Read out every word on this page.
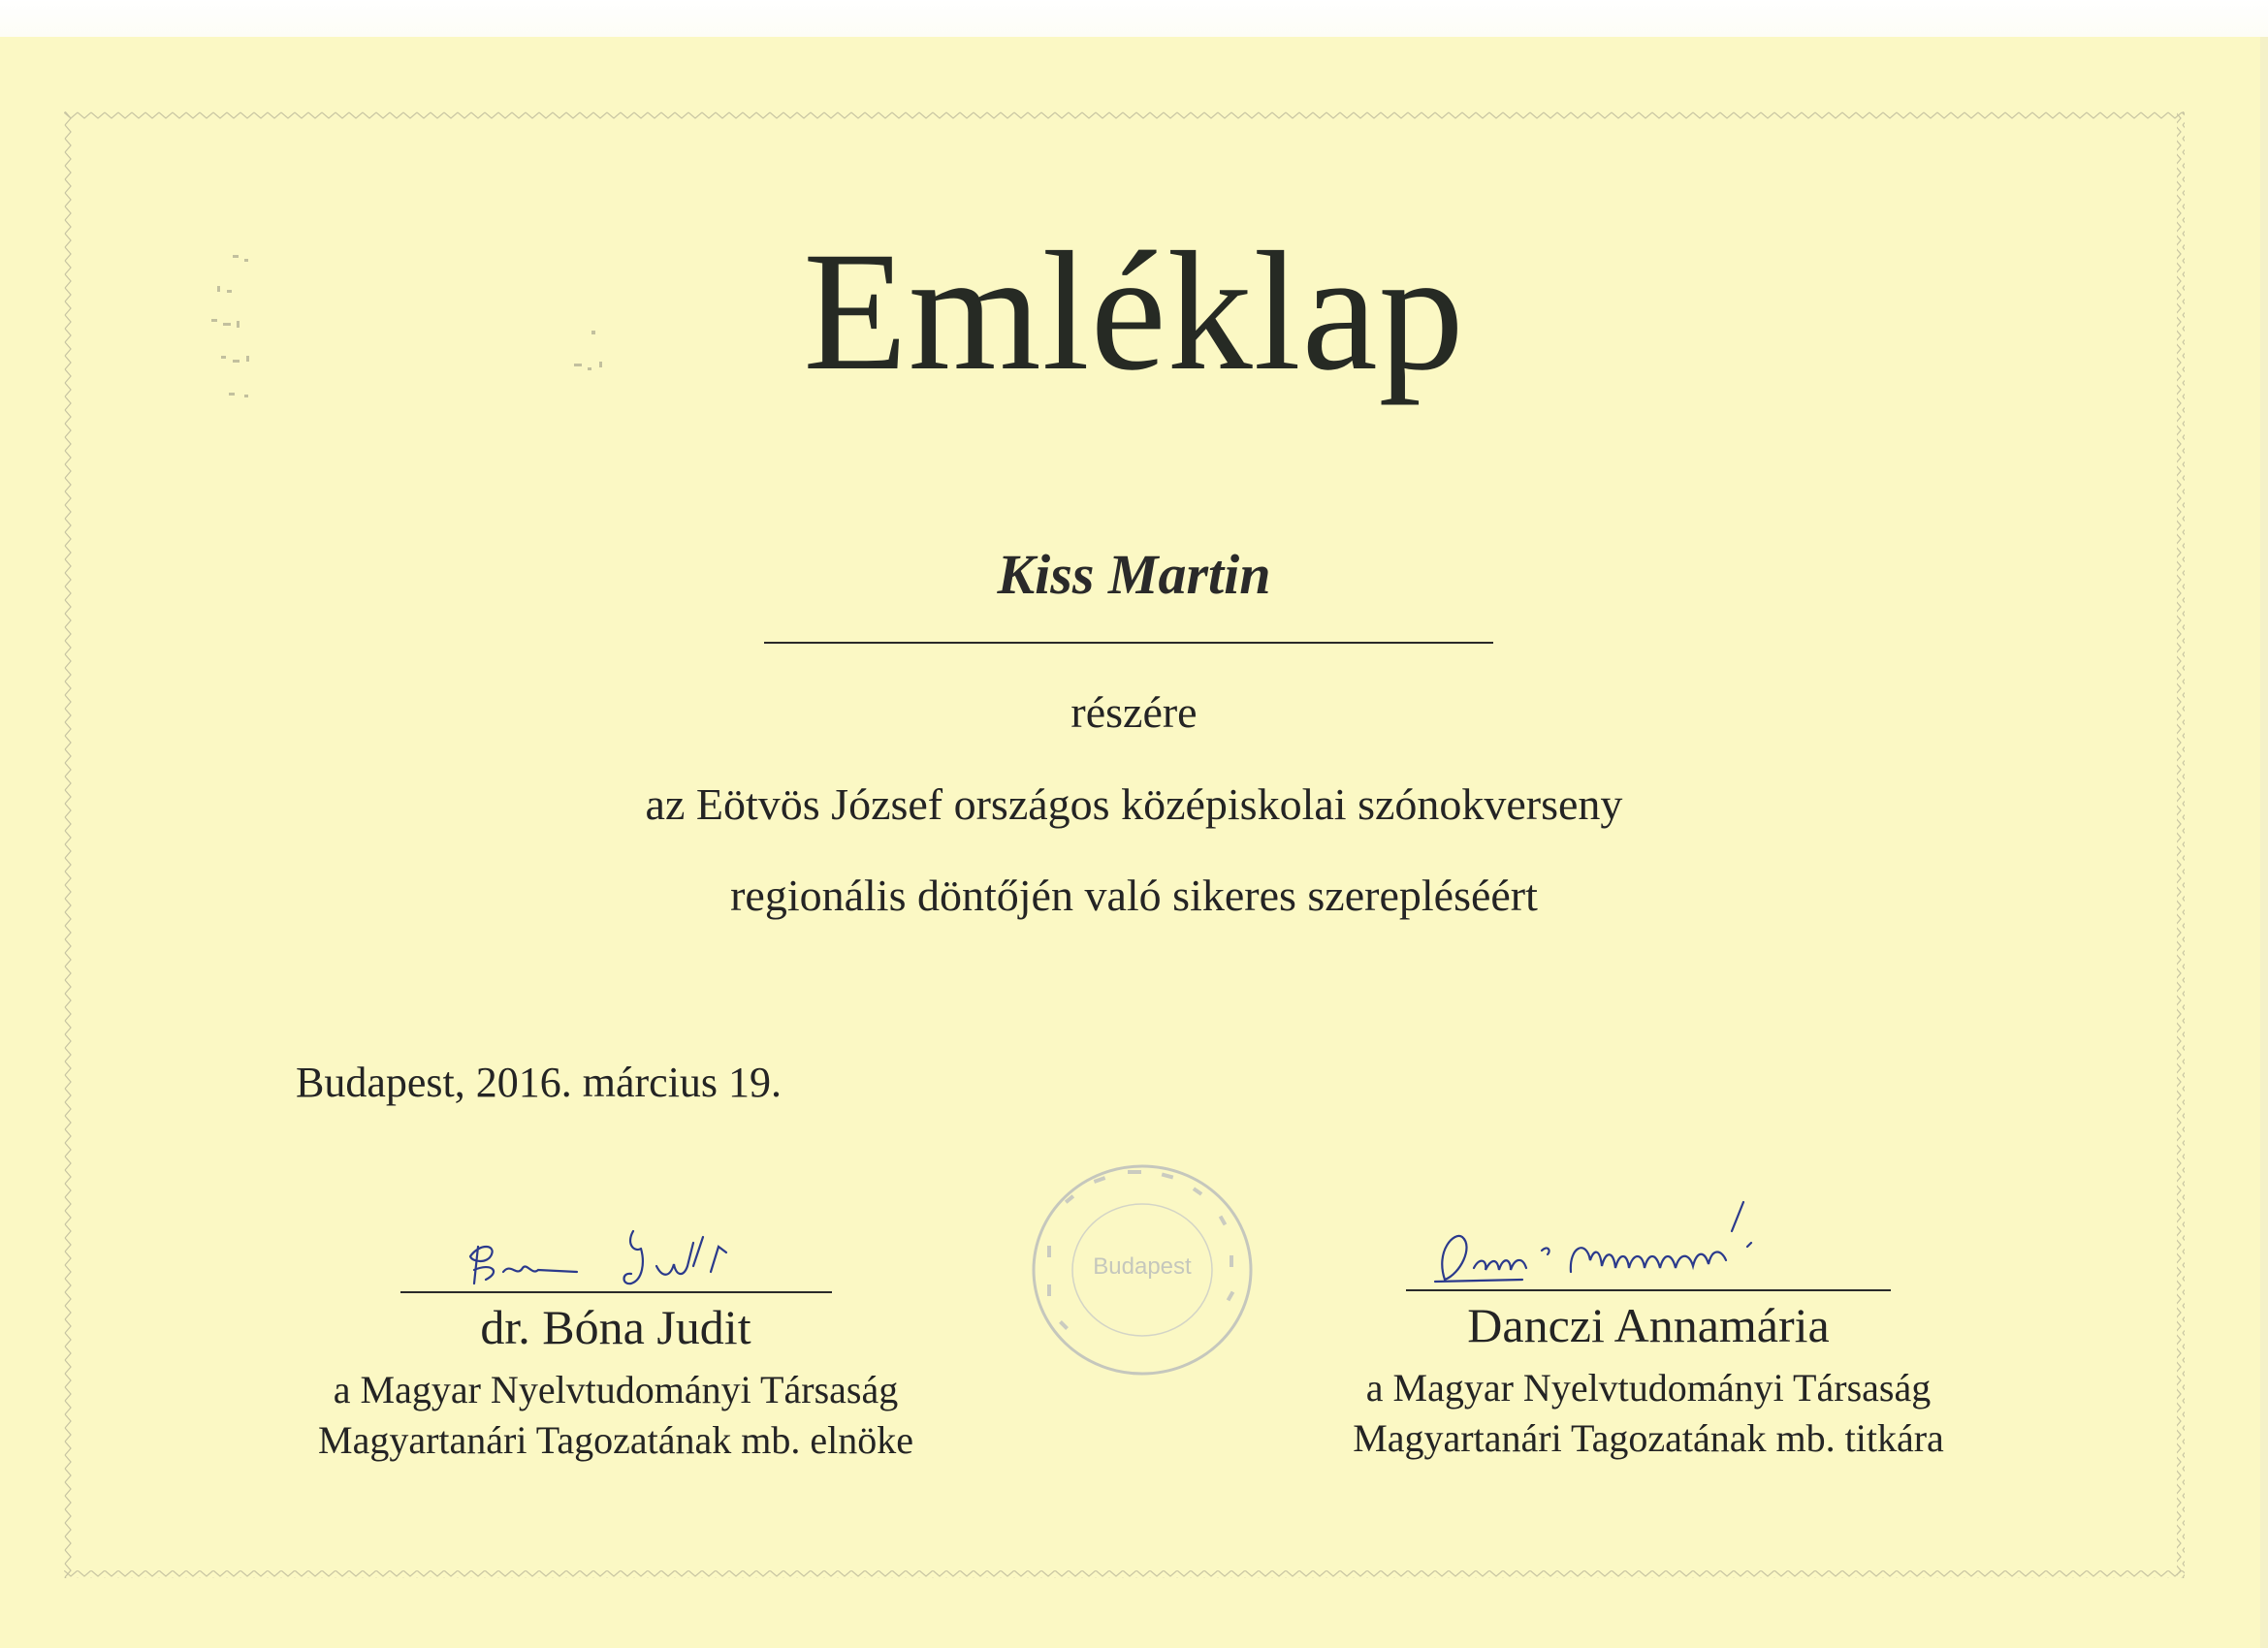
Emléklap
Kiss Martin
részére
az Eötvös József országos középiskolai szónokverseny
regionális döntőjén való sikeres szerepléséért
Budapest, 2016. március 19.
Budapest
dr. Bóna Judit
a Magyar Nyelvtudományi Társaság
Magyartanári Tagozatának mb. elnöke
Danczi Annamária
a Magyar Nyelvtudományi Társaság
Magyartanári Tagozatának mb. titkára
